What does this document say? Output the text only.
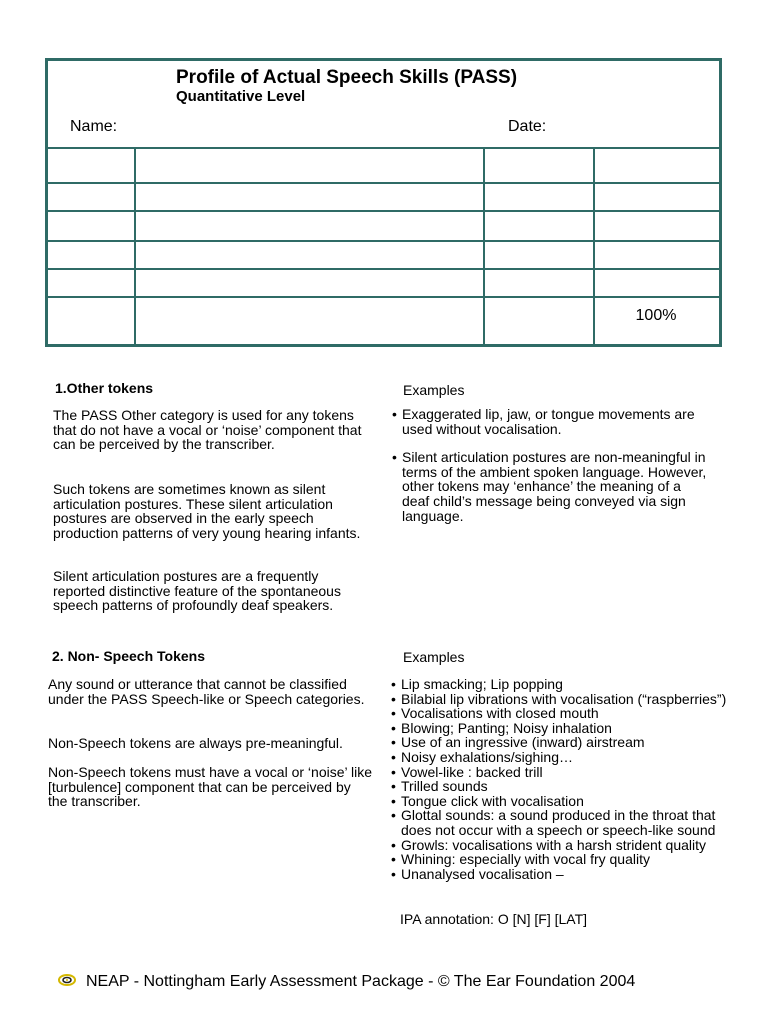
Profile of Actual Speech Skills (PASS)
Quantitative Level
Name:	Date:
100%
1.Other tokens
The PASS Other category is used for any tokens that do not have a vocal or ‘noise’ component that can be perceived by the transcriber.
Such tokens are sometimes known as silent articulation postures. These silent articulation postures are observed in the early speech production patterns of very young hearing infants.
Silent articulation postures are a frequently reported distinctive feature of the spontaneous speech patterns of profoundly deaf speakers.
Examples
• Exaggerated lip, jaw, or tongue movements are used without vocalisation.
• Silent articulation postures are non-meaningful in terms of the ambient spoken language. However, other tokens may ‘enhance’ the meaning of a deaf child’s message being conveyed via sign language.
2. Non- Speech Tokens
Any sound or utterance that cannot be classified under the PASS Speech-like or Speech categories.
Non-Speech tokens are always pre-meaningful.
Non-Speech tokens must have a vocal or ‘noise’ like [turbulence] component that can be perceived by the transcriber.
Examples
• Lip smacking; Lip popping
• Bilabial lip vibrations with vocalisation (“raspberries”)
• Vocalisations with closed mouth
• Blowing; Panting; Noisy inhalation
• Use of an ingressive (inward) airstream
• Noisy exhalations/sighing…
• Vowel-like : backed trill
• Trilled sounds
• Tongue click with vocalisation
• Glottal sounds: a sound produced in the throat that does not occur with a speech or speech-like sound
• Growls: vocalisations with a harsh strident quality
• Whining: especially with vocal fry quality
• Unanalysed vocalisation –
IPA annotation: O [N] [F] [LAT]
NEAP - Nottingham Early Assessment Package - © The Ear Foundation 2004
